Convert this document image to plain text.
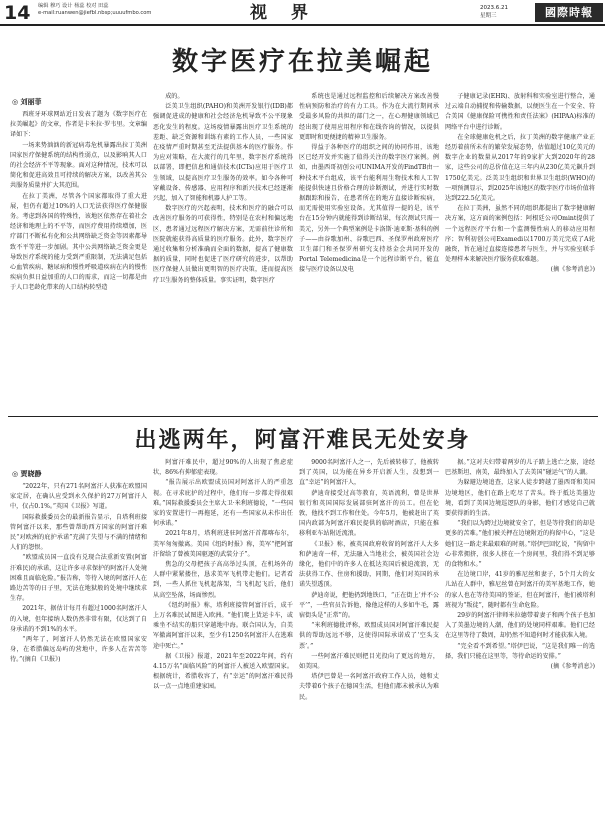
14 编辑 穆巧 设计 杨蕊 校对 田蕊
e-mail:ruanwen@jiefbl.nbsp;uuuufmbo.com	视 界	2023.6.21
星期三	國際時報
数字医疗在拉美崛起
◎ 刘丽菲

西班牙环球网站近日发表了题为《数字医疗在拉美崛起》的文章，作者是卡米拉·罗韦里。文章编译如下：

一场来势汹汹的新冠病毒危机暴露出拉丁美洲国家医疗保健系统的结构性弱点，以及影响其人口的社会经济不平等现象。面对这种情况，技术可以简化和促进高效且可持续的解决方案，以改善其公共服务质量并扩大其范围。

在拉丁美洲，尽管各个国家都取得了重大进展，但仍有超过10%的人口无法获得医疗保健服务。考虑到各国的特殊性，该地区依然存在着社会经济和地理上的不平等，而医疗费用持续增加，医疗部门不断私有化和公共网络缺乏资金等因素都导致不平等进一步加剧。其中公共网络缺乏资金更是导致医疗系统的能力受到严重限制，无法满足包括心血管疾病、糖尿病和慢性呼吸道疾病在内的慢性疾病负担日益加重的人口的需求，而这一切都是由于人口老龄化带来的人口结构转型造

成的。

泛美卫生组织(PAHO)和美洲开发银行(IDB)都强调促进成的健康和社会经济危机导致不公平现象恶化发生的程度。这场疫情暴露出医疗卫生系统的差距、缺乏资源和训练有素的工作人员，一些国家在疫情严重时期甚至无法提供基本的医疗服务。作为应对策略，在大流行的几年里，数字医疗系统得以部署，即把信息和通信技术(ICTs)应用于医疗卫生领域，以提高医疗卫生服务的效率。如今各种可穿戴设备、传感器、应用程序和新兴技术已经逐渐兴起，加入了智能和机器人护工等。

数字医疗的兴起表明，技术和医疗的融合可以改善医疗服务的可获得性，特别是在农村和偏远地区，患者通过远程医疗解决方案，无需前往诊所和医院就能获得高质量的医疗服务。此外，数字医疗通过收集和分析准确而全面的数据，提高了健康数据的质量，同时也促进了医疗研究的进步，以帮助医疗保健人员做出更明智的医疗决策，进而提高医疗卫生服务的整体质量。事实证明，数字医疗

系统也是通过远程监控和后续解决方案改善慢性病预防和治疗的有力工具。作为在大流行期间承受最多风险的共担的部门之一，在心理健康领域已经出现了使用应用程序和在线咨询的情况，以提供更即时和更便捷的精神卫生服务。

得益于各种医疗的组织之间的协同作用，该地区已经开发并实施了值得关注的数字医疗案例。例如，由墨西哥初创公司UNIMA开发的FindTB由一种技术平台组成，该平台能利用生物技术和人工智能提供快速且价格合理的诊断测试，并进行实时数据跟踪和报告，在患者所在的地方直接诊断疾病，而无需使用实验室设备。尤其值得一提的是，该平台在15分钟内就能得到诊断结果，每次测试只需一美元，另外一个典型案例是卡洛斯·迪亚斯·基科的例子——由谷歌加州、谷歌巴西、圣保罗州政府医疗卫生部门和圣保罗州研究支持基金会共同开发的Portal Telemedicina是一个远程诊断平台，能直接与医疗设备以及电

子健康记录(EHR)、放射科和实验室进行整合，通过云端自动捕捉和传输数据，以便医生在一个安全、符合美国《健康保险可携性和责任法案》(HIPAA)标准的网络平台中进行诊断。

在全球健康危机之后，拉丁美洲的数字健康产业正经历着前所未有的繁荣发展态势，估值超过10亿美元的数字企业的数量从2017年的9家扩大到2020年的28家，这些公司的总价值在这三年内从230亿美元飙升到1750亿美元。泛美卫生组织和世界卫生组织(WHO)的一项预测显示，到2025年该地区的数字医疗市场价值将达到222.5亿美元。

在拉丁美洲，虽然不同的组织都提出了数字健康解决方案，这方面的案例包括：阿根廷公司Omint提供了一个远程医疗平台和一个监测慢性病人的移动应用程序；智利初创公司Examedi以1700万美元完成了A轮融资，旨在通过直接连接患者与医生，并与实验室联手处理样本来解决医疗服务获取难题。

(摘《参考消息》)

出逃两年，阿富汗难民无处安身
◎ 贾晓静

“2022年，只有271名阿富汗人获准在欧盟国家定居，在确认应受到永久保护的27万阿富汗人中，仅占0.1%。”英国《卫报》写道。

国际救援委员会的最新报告显示，自塔利班接管阿富汗以来，那些曾帮助西方国家的阿富汗难民“对欧洲的庇护承诺”充满了失望与不满的情绪和人们的怨恨。

“欧盟成员国一直没有兑现合法重新安置(阿富汗难民)的承诺，这让许多寻求保护的阿富汗人处境困难且面临危险。”报告称，等待入境的阿富汗人在路边苦等的日子里，无法在地狱般的处境中继续求生存。

2021年，据估计每月有超过1000名阿富汗人的入境，但年接纳人数仍然非常有限，仅达到了自身承诺的不到1%的水平。

“两年了，阿富汗人仍然无法在欧盟国家安身，在希腊偏远岛屿的营地中，许多人在苦苦等待。”(摘自《卫报》)

阿富汗难民中，超过90%的人出现了焦虑症状，86%有抑郁症表现。

“报告展示出欧盟成员国对阿富汗人的严重忽视。在寻求庇护的过程中，他们每一步都走得很艰难。”国际救援委员会主席大卫·米利班德说，“一些国家的安置进行一再拖延，还有一些国家从未作出任何承诺。”

2021年8月，塔利班进驻阿富汗首都喀布尔，美军匆匆撤离。美国《纽约时报》称，美军“把阿富汗留给了曾被美国驱逐的武装分子”。

焦急的父母把孩子高高举过头顶，在机场外的人群中紧紧搂住，恳求美军飞机带走他们。记者看到，一些人抓住飞机起落架，当飞机起飞后，他们从高空坠落，场面惨烈。

《纽约时报》称，塔利班接管阿富汗后，成千上万名难民试图进入欧洲。“他们爬上货运卡车，或乘坐不结实的船只穿越地中海。联合国认为，自美军撤离阿富汗以来，至少有1250名阿富汗人在逃难途中死亡。”

据《卫报》报道，2021年至2022年间，约有4.15万名“面临风险”的阿富汗人被送入欧盟国家。根据统计，希腊收容了，有“幸运”的阿富汗难民得以一点一点地重建家园。

9000名阿富汗人之一，先后被转移了，他被转到了英国，以为能在异乡开启新人生，没想到一直“幸运”的阿富汗人，

萨迪奇接受过高等教育，英语流利，曾是世界银行和英国国际发展部驻阿富汗的员工。但在伦敦，他找不到工作和住处。今年5月，他被赶出了英国内政部为阿富汗难民提供的临时酒店，只能在推移利亚车站附近流浪。

《卫报》称，被英国政府收留的阿富汗人大多和萨迪奇一样，无法融入当地社会，被英国社会边缘化，他们中的许多人在抵达英国后被迫流浪，无法获得工作、住房和援助，同期，他们对英国的承诺失望透顶。

萨迪奇说，把他扔到地铁口，“正在街上‘并不公平’”，一些官员告诉他，像他这样的人多如牛毛，露宿街头是“正常”的。

“米利班德批评称，欧盟成员国对阿富汗难民提供的帮助远远不够，这使得国际承诺成了‘空头支票’。”

一些阿富汗难民则把目光投向了更远的地方，如美国。

塔伊巴曾是一名阿富汗政府工作人员，她和丈夫带着6个孩子在德国生活，但他们都未被承认为难民。

据。”这对夫妇带着两岁的儿子踏上逃亡之旅，途经巴基斯坦、南美，最终加入了去美国“碰运气”的人潮。

为躲避边境追查，这家人徒步跨越了墨西哥和美国边境地区，他们在路上吃尽了苦头。终于抵达美墨边境，看到了美国边境巡逻队的身影，他们才感觉自己就要获得新的生活。

“我们以为跨过边境就安全了，但是等待我们的却是更多的苦难。”他们被关押在边境附近的拘留中心，“这是她们这一路走来最艰难的时刻。”塔伊巴回忆说，“拘留中心非常拥挤，很多人挤在一个房间里，我们得不到足够的食物和水。”

在边境口岸，41岁的雅尼丝和妻子，5个月大的女儿站在人群中，雅尼丝曾在阿富汗的美军基地工作，她的家人也在等待美国的签证，但在阿富汗，他们被塔利班视为“叛徒”，随时都有生命危险。

29岁的阿富汗律师米拉德带着妻子和两个孩子也加入了美墨边境的人潮，他们的处境同样艰难。他们已经在这里等待了数周，却仍然不知道何时才能获准入境。

“完全看不到希望。”塔伊巴说，“这是我们唯一的选择，我们只能在这里等，等待命运的安排。”

(摘《参考消息》)
